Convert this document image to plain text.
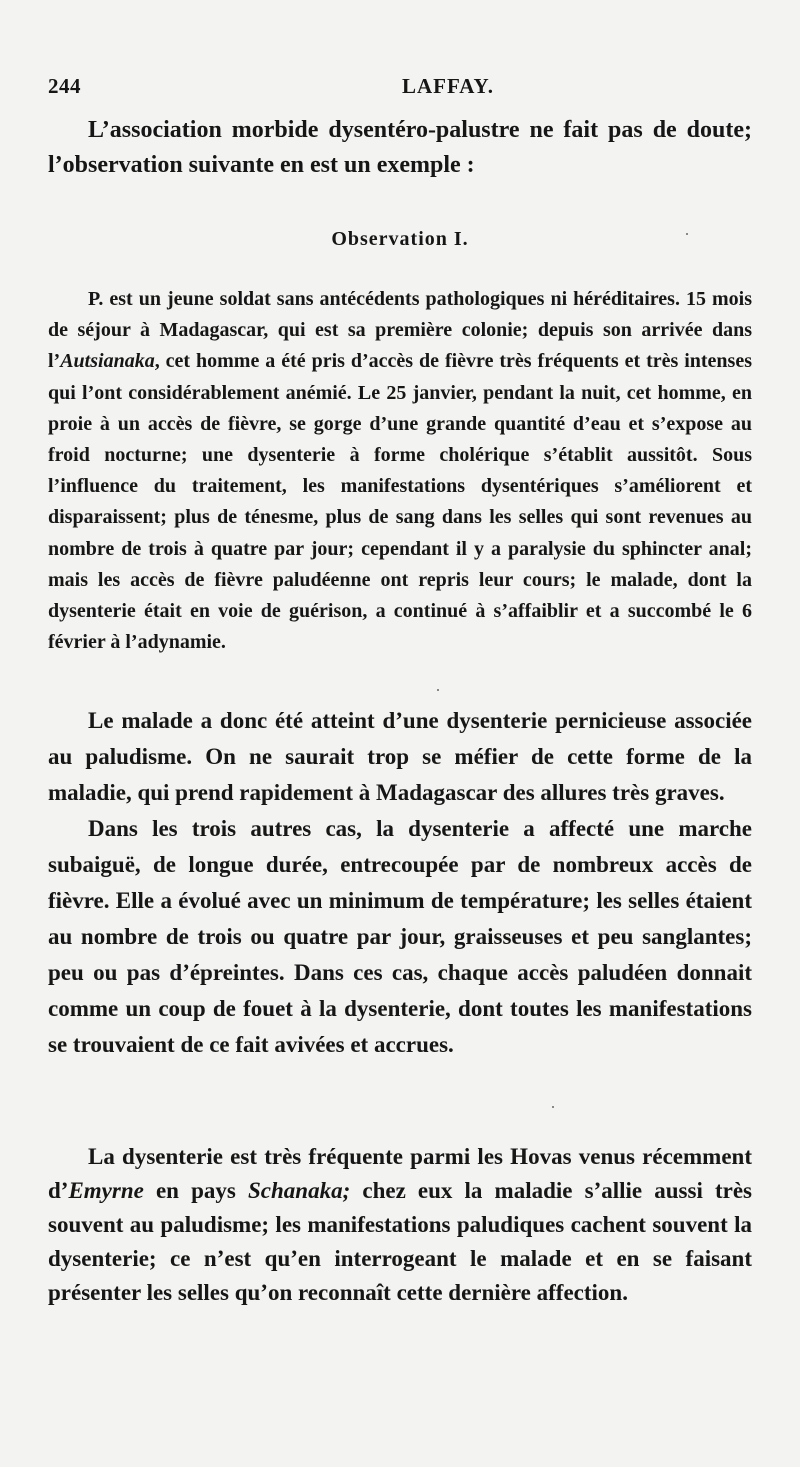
244	LAFFAY.

L’association morbide dysentéro-palustre ne fait pas de doute; l’observation suivante en est un exemple :

Observation I.

P. est un jeune soldat sans antécédents pathologiques ni héréditaires. 15 mois de séjour à Madagascar, qui est sa première colonie; depuis son arrivée dans l’Autsianaka, cet homme a été pris d’accès de fièvre très fréquents et très intenses qui l’ont considérablement anémié. Le 25 janvier, pendant la nuit, cet homme, en proie à un accès de fièvre, se gorge d’une grande quantité d’eau et s’expose au froid nocturne; une dysenterie à forme cholérique s’établit aussitôt. Sous l’influence du traitement, les manifestations dysentériques s’améliorent et disparaissent; plus de ténesme, plus de sang dans les selles qui sont revenues au nombre de trois à quatre par jour; cependant il y a paralysie du sphincter anal; mais les accès de fièvre paludéenne ont repris leur cours; le malade, dont la dysenterie était en voie de guérison, a continué à s’affaiblir et a succombé le 6 février à l’adynamie.

Le malade a donc été atteint d’une dysenterie pernicieuse associée au paludisme. On ne saurait trop se méfier de cette forme de la maladie, qui prend rapidement à Madagascar des allures très graves.

Dans les trois autres cas, la dysenterie a affecté une marche subaiguë, de longue durée, entrecoupée par de nombreux accès de fièvre. Elle a évolué avec un minimum de température; les selles étaient au nombre de trois ou quatre par jour, graisseuses et peu sanglantes; peu ou pas d’épreintes. Dans ces cas, chaque accès paludéen donnait comme un coup de fouet à la dysenterie, dont toutes les manifestations se trouvaient de ce fait avivées et accrues.

La dysenterie est très fréquente parmi les Hovas venus récemment d’Emyrne en pays Schanaka; chez eux la maladie s’allie aussi très souvent au paludisme; les manifestations paludiques cachent souvent la dysenterie; ce n’est qu’en interrogeant le malade et en se faisant présenter les selles qu’on reconnaît cette dernière affection.
